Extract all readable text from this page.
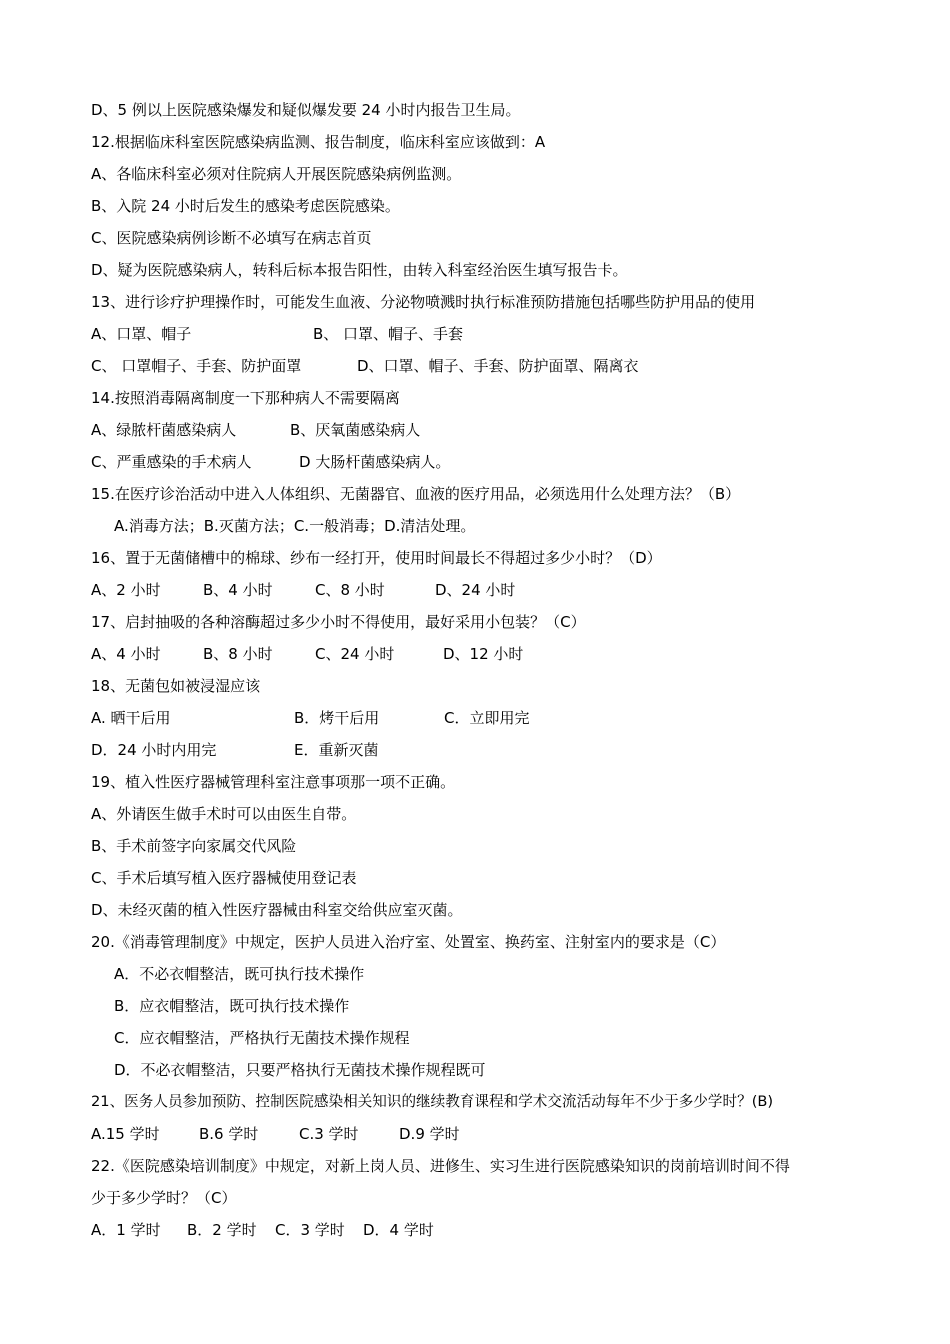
D、5 例以上医院感染爆发和疑似爆发要 24 小时内报告卫生局。
12.根据临床科室医院感染病监测、报告制度，临床科室应该做到：A
A、各临床科室必须对住院病人开展医院感染病例监测。
B、入院 24 小时后发生的感染考虑医院感染。
C、医院感染病例诊断不必填写在病志首页
D、疑为医院感染病人，转科后标本报告阳性，由转入科室经治医生填写报告卡。
13、进行诊疗护理操作时，可能发生血液、分泌物喷溅时执行标准预防措施包括哪些防护用品的使用
A、口罩、帽子	B、 口罩、帽子、手套
C、 口罩帽子、手套、防护面罩	D、口罩、帽子、手套、防护面罩、隔离衣
14.按照消毒隔离制度一下那种病人不需要隔离
A、绿脓杆菌感染病人	B、厌氧菌感染病人
C、严重感染的手术病人	D 大肠杆菌感染病人。
15.在医疗诊治活动中进入人体组织、无菌器官、血液的医疗用品，必须选用什么处理方法？（B）
A.消毒方法；B.灭菌方法；C.一般消毒；D.清洁处理。
16、置于无菌储槽中的棉球、纱布一经打开，使用时间最长不得超过多少小时？（D）
A、2 小时	B、4 小时	C、8 小时	D、24 小时
17、启封抽吸的各种溶酶超过多少小时不得使用，最好采用小包装？（C）
A、4 小时	B、8 小时	C、24 小时	D、12 小时
18、无菌包如被浸湿应该
A. 晒干后用	B．烤干后用	C．立即用完
D．24 小时内用完	E．重新灭菌
19、植入性医疗器械管理科室注意事项那一项不正确。
A、外请医生做手术时可以由医生自带。
B、手术前签字向家属交代风险
C、手术后填写植入医疗器械使用登记表
D、未经灭菌的植入性医疗器械由科室交给供应室灭菌。
20.《消毒管理制度》中规定，医护人员进入治疗室、处置室、换药室、注射室内的要求是（C）
A．不必衣帽整洁，既可执行技术操作
B．应衣帽整洁，既可执行技术操作
C．应衣帽整洁，严格执行无菌技术操作规程
D．不必衣帽整洁，只要严格执行无菌技术操作规程既可
21、医务人员参加预防、控制医院感染相关知识的继续教育课程和学术交流活动每年不少于多少学时？(B)
A.15 学时	B.6 学时	C.3 学时	D.9 学时
22.《医院感染培训制度》中规定，对新上岗人员、进修生、实习生进行医院感染知识的岗前培训时间不得
少于多少学时？（C）
A．1 学时 B．2 学时 C．3 学时 D．4 学时
